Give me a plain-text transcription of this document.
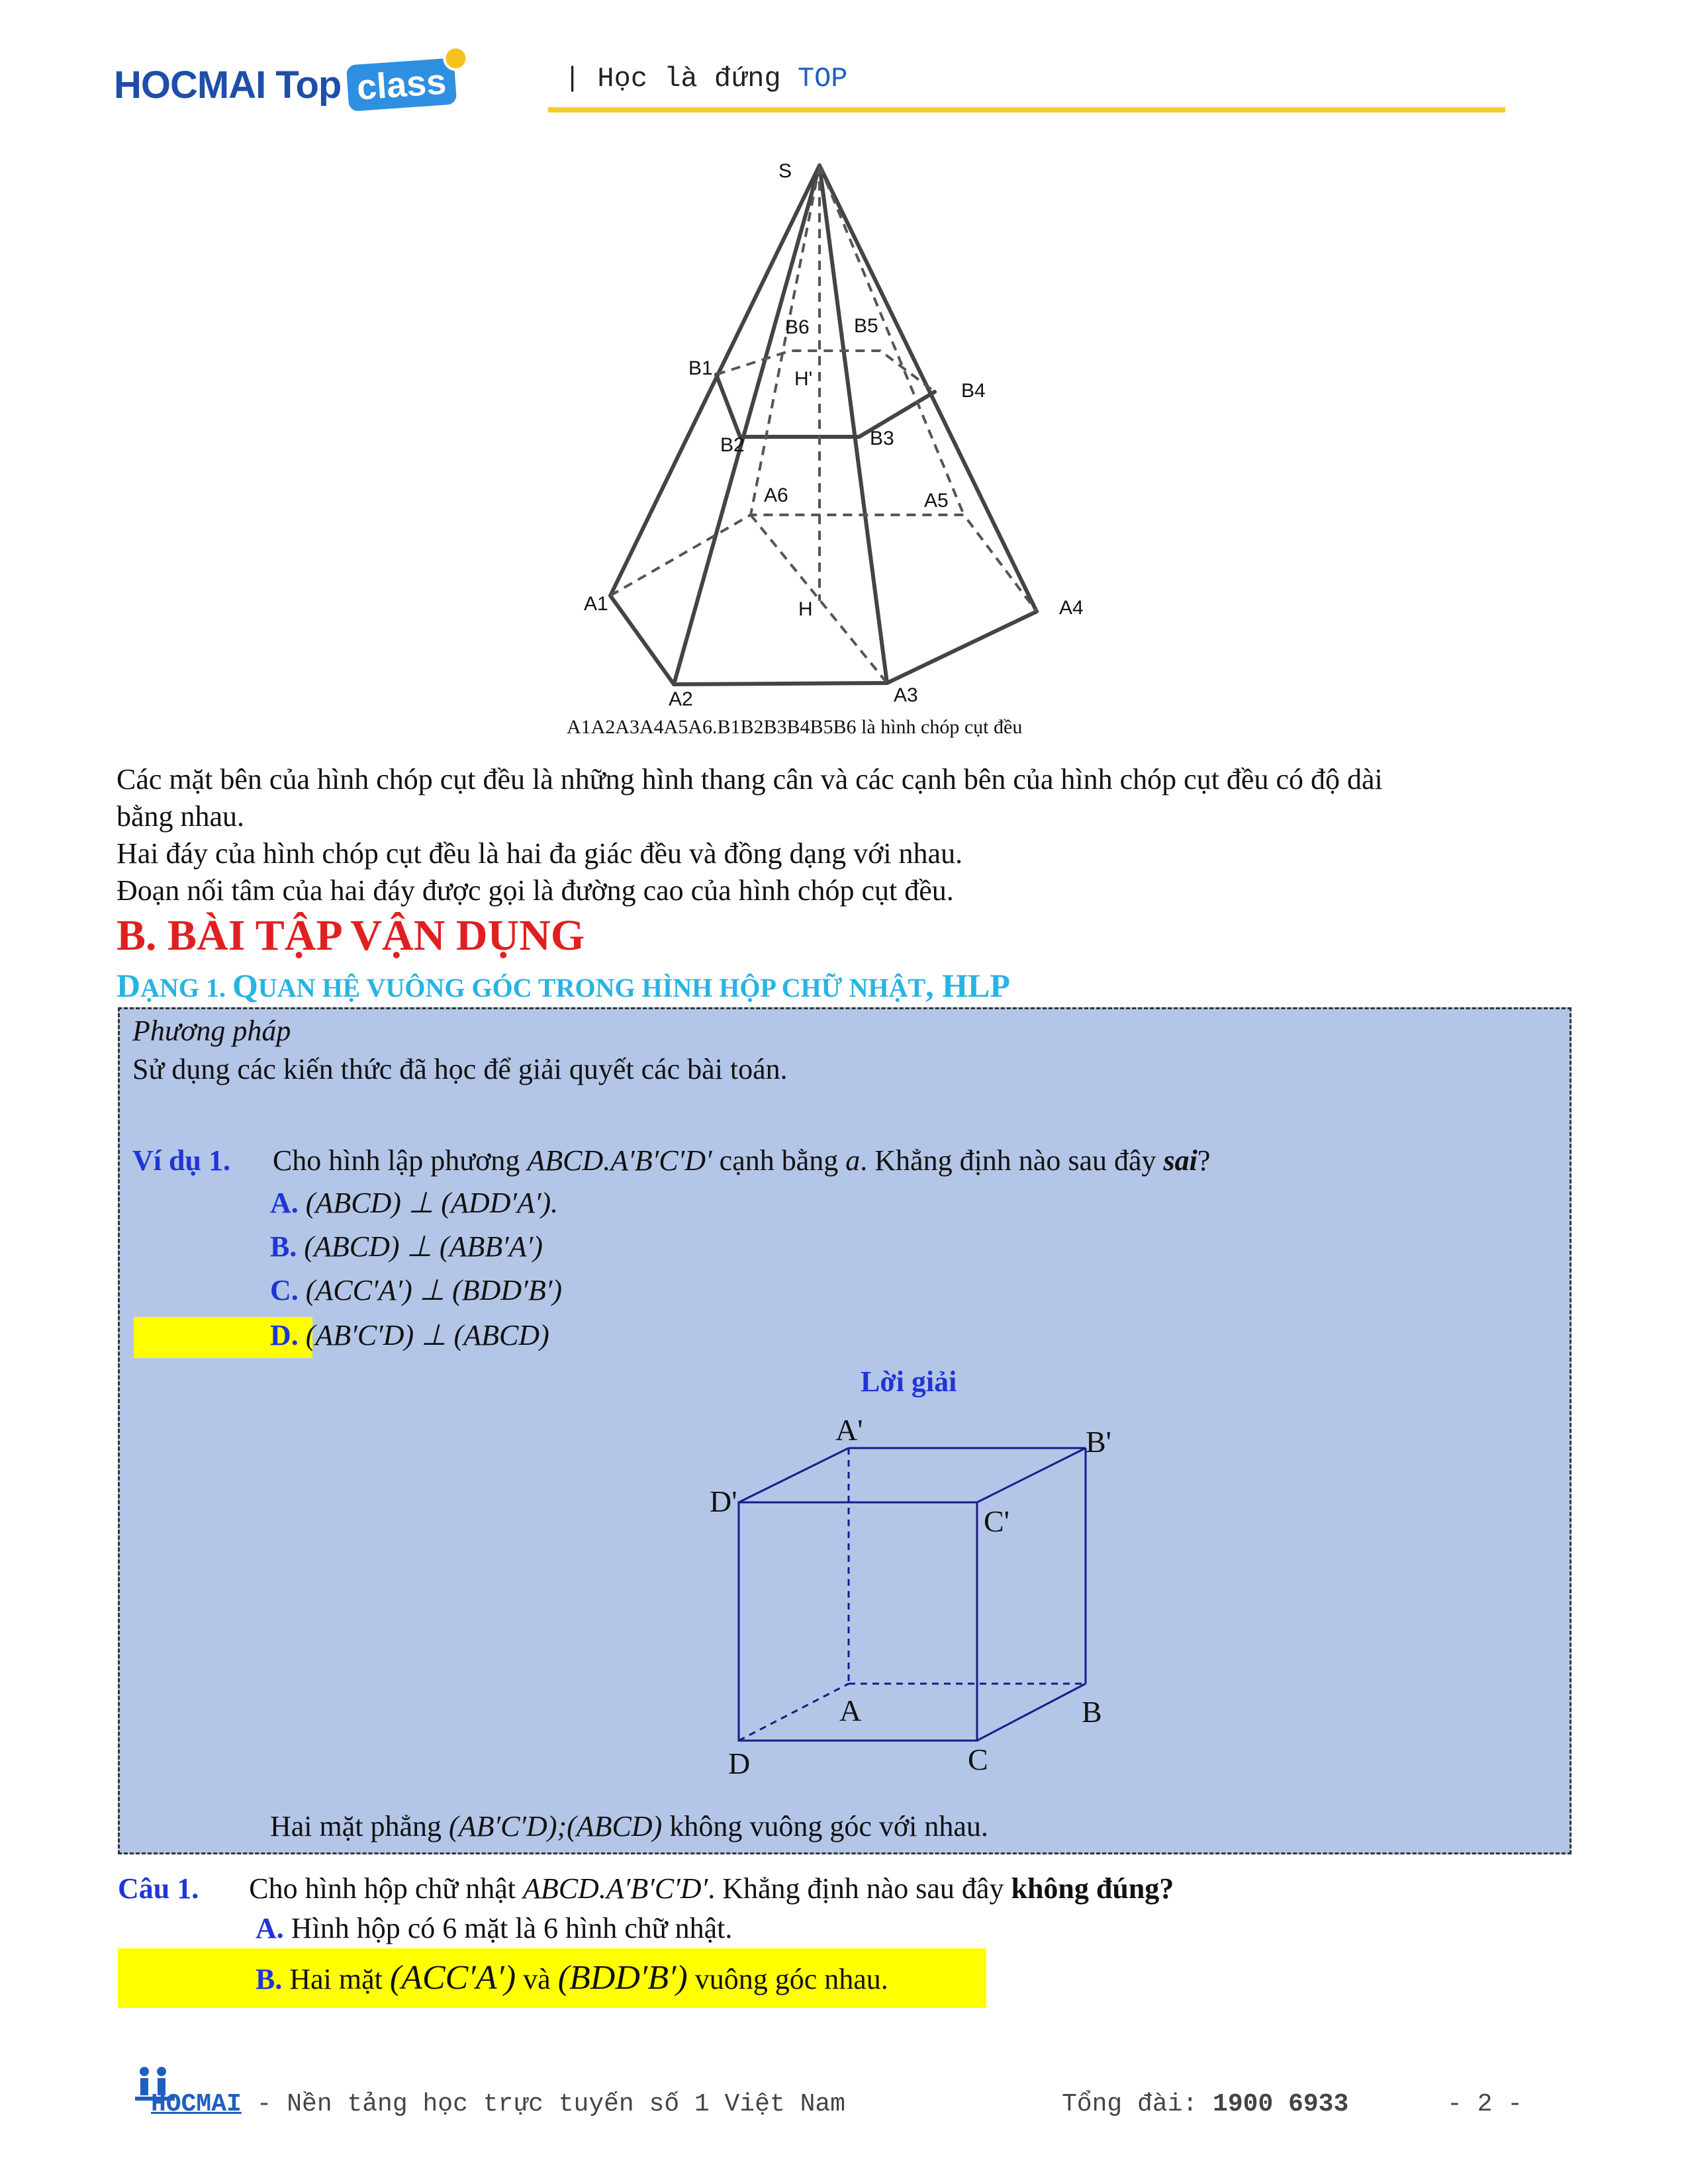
HOCMAI Top class	| Học là đứng TOP
S
B1
B2	B3
B4
B5
B6
H'
A6	A5
A1	H	A4
A2	A3
A1A2A3A4A5A6.B1B2B3B4B5B6 là hình chóp cụt đều
Các mặt bên của hình chóp cụt đều là những hình thang cân và các cạnh bên của hình chóp cụt đều có độ dài
bằng nhau.
Hai đáy của hình chóp cụt đều là hai đa giác đều và đồng dạng với nhau.
Đoạn nối tâm của hai đáy được gọi là đường cao của hình chóp cụt đều.
B. BÀI TẬP VẬN DỤNG
DẠNG 1. QUAN HỆ VUÔNG GÓC TRONG HÌNH HỘP CHỮ NHẬT, HLP
Phương pháp
Sử dụng các kiến thức đã học để giải quyết các bài toán.
Ví dụ 1. Cho hình lập phương ABCD.A′B′C′D′ cạnh bằng a. Khẳng định nào sau đây sai?
A. (ABCD) ⊥ (ADD′A′).
B. (ABCD) ⊥ (ABB′A′)
C. (ACC′A′) ⊥ (BDD′B′)
D. (AB′C′D) ⊥ (ABCD)
Lời giải
A'	B'
C'
D'
A	B
C
D
Hai mặt phẳng (AB′C′D);(ABCD) không vuông góc với nhau.
Câu 1. Cho hình hộp chữ nhật ABCD.A′B′C′D′. Khẳng định nào sau đây không đúng?
A. Hình hộp có 6 mặt là 6 hình chữ nhật.
B. Hai mặt (ACC′A′) và (BDD′B′) vuông góc nhau.
HOCMAI - Nền tảng học trực tuyến số 1 Việt Nam	Tổng đài: 1900 6933	- 2 -
